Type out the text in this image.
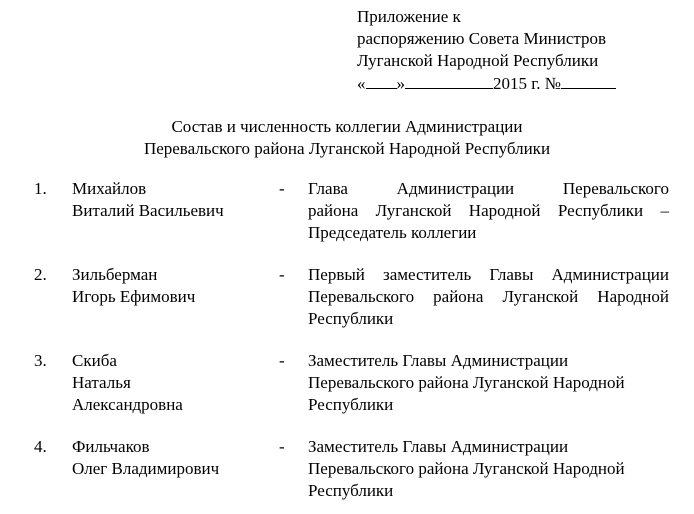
Приложение к
распоряжению Совета Министров
Луганской Народной Республики
« »	2015 г. №
Состав и численность коллегии Администрации
Перевальского района Луганской Народной Республики
1. Михайлов
Виталий Васильевич
- Глава Администрации Перевальского
района Луганской Народной Республики –
Председатель коллегии
2. Зильберман
Игорь Ефимович
- Первый заместитель Главы Администрации
Перевальского района Луганской Народной
Республики
3. Скиба
Наталья
Александровна
- Заместитель Главы Администрации
Перевальского района Луганской Народной
Республики
4. Фильчаков
Олег Владимирович
- Заместитель Главы Администрации
Перевальского района Луганской Народной
Республики
